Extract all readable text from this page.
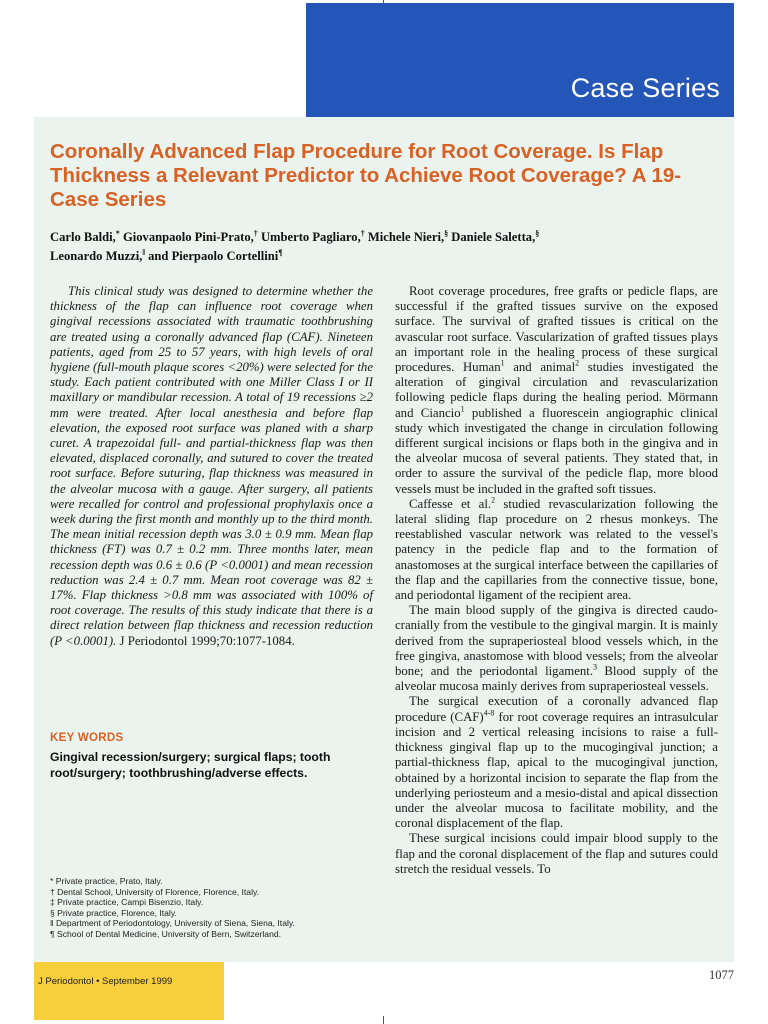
Case Series
Coronally Advanced Flap Procedure for Root Coverage. Is Flap Thickness a Relevant Predictor to Achieve Root Coverage? A 19-Case Series

Carlo Baldi,* Giovanpaolo Pini-Prato,† Umberto Pagliaro,† Michele Nieri,§ Daniele Saletta,§
Leonardo Muzzi,‖ and Pierpaolo Cortellini¶

This clinical study was designed to determine whether the thickness of the flap can influence root coverage when gingival recessions associated with traumatic toothbrushing are treated using a coronally advanced flap (CAF). Nineteen patients, aged from 25 to 57 years, with high levels of oral hygiene (full-mouth plaque scores <20%) were selected for the study. Each patient contributed with one Miller Class I or II maxillary or mandibular recession. A total of 19 recessions ≥2 mm were treated. After local anesthesia and before flap elevation, the exposed root surface was planed with a sharp curet. A trapezoidal full- and partial-thickness flap was then elevated, displaced coronally, and sutured to cover the treated root surface. Before suturing, flap thickness was measured in the alveolar mucosa with a gauge. After surgery, all patients were recalled for control and professional prophylaxis once a week during the first month and monthly up to the third month. The mean initial recession depth was 3.0 ± 0.9 mm. Mean flap thickness (FT) was 0.7 ± 0.2 mm. Three months later, mean recession depth was 0.6 ± 0.6 (P <0.0001) and mean recession reduction was 2.4 ± 0.7 mm. Mean root coverage was 82 ± 17%. Flap thickness >0.8 mm was associated with 100% of root coverage. The results of this study indicate that there is a direct relation between flap thickness and recession reduction (P <0.0001). J Periodontol 1999;70:1077-1084.

KEY WORDS

Gingival recession/surgery; surgical flaps; tooth root/surgery; toothbrushing/adverse effects.

* Private practice, Prato, Italy.
† Dental School, University of Florence, Florence, Italy.
‡ Private practice, Campi Bisenzio, Italy.
§ Private practice, Florence, Italy.
‖ Department of Periodontology, University of Siena, Siena, Italy.
¶ School of Dental Medicine, University of Bern, Switzerland.

Root coverage procedures, free grafts or pedicle flaps, are successful if the grafted tissues survive on the exposed surface. The survival of grafted tissues is critical on the avascular root surface. Vascularization of grafted tissues plays an important role in the healing process of these surgical procedures. Human$^1$ and animal$^2$ studies investigated the alteration of gingival circulation and revascularization following pedicle flaps during the healing period. Mörmann and Ciancio$^1$ published a fluorescein angiographic clinical study which investigated the change in circulation following different surgical incisions or flaps both in the gingiva and in the alveolar mucosa of several patients. They stated that, in order to assure the survival of the pedicle flap, more blood vessels must be included in the grafted soft tissues.

Caffesse et al.$^2$ studied revascularization following the lateral sliding flap procedure on 2 rhesus monkeys. The reestablished vascular network was related to the vessel's patency in the pedicle flap and to the formation of anastomoses at the surgical interface between the capillaries of the flap and the capillaries from the connective tissue, bone, and periodontal ligament of the recipient area.

The main blood supply of the gingiva is directed caudo-cranially from the vestibule to the gingival margin. It is mainly derived from the supraperiosteal blood vessels which, in the free gingiva, anastomose with blood vessels; from the alveolar bone; and the periodontal ligament.$^3$ Blood supply of the alveolar mucosa mainly derives from supraperiosteal vessels.

The surgical execution of a coronally advanced flap procedure (CAF)$^{4-8}$ for root coverage requires an intrasulcular incision and 2 vertical releasing incisions to raise a full-thickness gingival flap up to the mucogingival junction; a partial-thickness flap, apical to the mucogingival junction, obtained by a horizontal incision to separate the flap from the underlying periosteum and a mesio-distal and apical dissection under the alveolar mucosa to facilitate mobility, and the coronal displacement of the flap.

These surgical incisions could impair blood supply to the flap and the coronal displacement of the flap and sutures could stretch the residual vessels. To

J Periodontol • September 1999	1077
